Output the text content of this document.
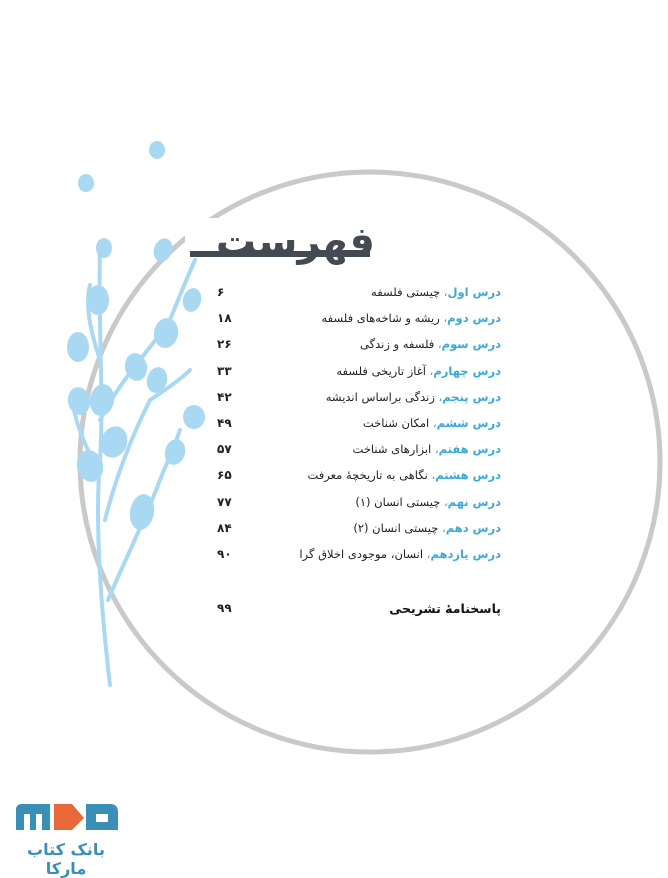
فهرست
درس اول، چیستی فلسفه
۶
درس دوم، ریشه و شاخه‌های فلسفه
۱۸
درس سوم، فلسفه و زندگی
۲۶
درس چهارم، آغاز تاریخی فلسفه
۳۳
درس پنجم، زندگی براساس اندیشه
۴۲
درس ششم، امکان شناخت
۴۹
درس هفتم، ابزارهای شناخت
۵۷
درس هشتم، نگاهی به تاریخچهٔ معرفت
۶۵
درس نهم، چیستی انسان (۱)
۷۷
درس دهم، چیستی انسان (۲)
۸۴
درس یازدهم، انسان، موجودی اخلاق گرا
۹۰
پاسخنامهٔ تشریحی
۹۹
بانک کتاب مارکا
